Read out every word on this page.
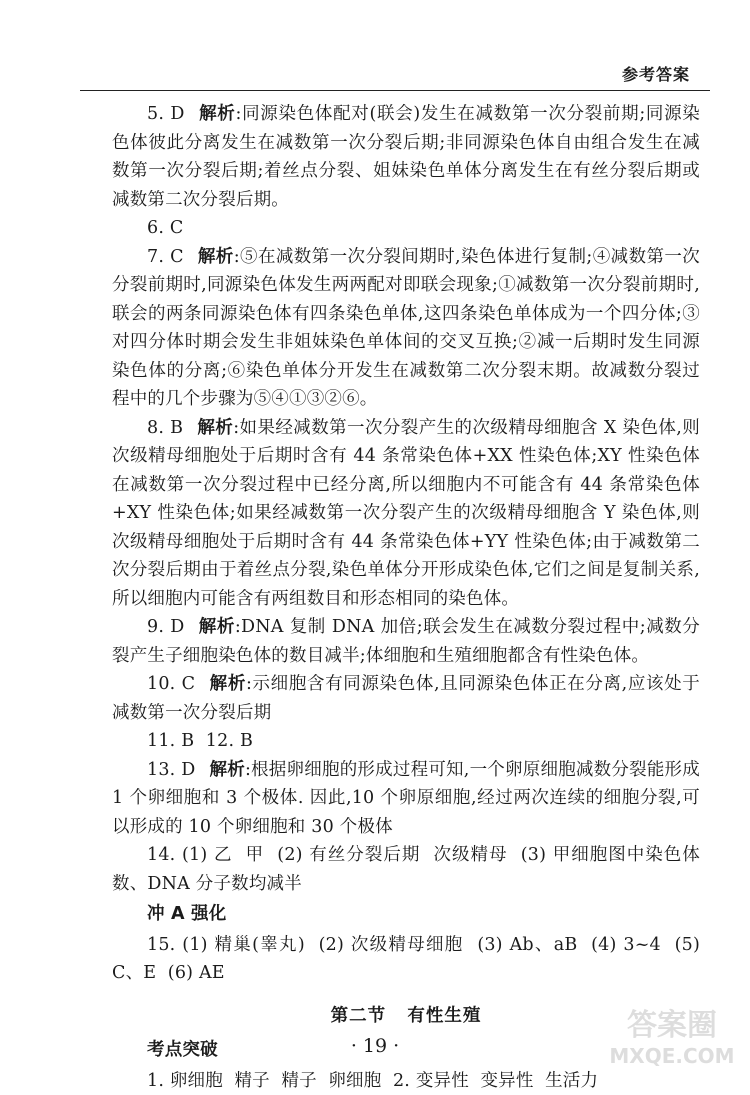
参考答案

5. D 解析:同源染色体配对(联会)发生在减数第一次分裂前期;同源染色体彼此分离发生在减数第一次分裂后期;非同源染色体自由组合发生在减数第一次分裂后期;着丝点分裂、姐妹染色单体分离发生在有丝分裂后期或减数第二次分裂后期。

6. C

7. C 解析:⑤在减数第一次分裂间期时,染色体进行复制;④减数第一次分裂前期时,同源染色体发生两两配对即联会现象;①减数第一次分裂前期时,联会的两条同源染色体有四条染色单体,这四条染色单体成为一个四分体;③对四分体时期会发生非姐妹染色单体间的交叉互换;②减一后期时发生同源染色体的分离;⑥染色单体分开发生在减数第二次分裂末期。故减数分裂过程中的几个步骤为⑤④①③②⑥。

8. B 解析:如果经减数第一次分裂产生的次级精母细胞含 X 染色体,则次级精母细胞处于后期时含有 44 条常染色体+XX 性染色体;XY 性染色体在减数第一次分裂过程中已经分离,所以细胞内不可能含有 44 条常染色体+XY 性染色体;如果经减数第一次分裂产生的次级精母细胞含 Y 染色体,则次级精母细胞处于后期时含有 44 条常染色体+YY 性染色体;由于减数第二次分裂后期由于着丝点分裂,染色单体分开形成染色体,它们之间是复制关系,所以细胞内可能含有两组数目和形态相同的染色体。

9. D 解析:DNA 复制 DNA 加倍;联会发生在减数分裂过程中;减数分裂产生子细胞染色体的数目减半;体细胞和生殖细胞都含有性染色体。

10. C 解析:示细胞含有同源染色体,且同源染色体正在分离,应该处于减数第一次分裂后期

11. B  12. B

13. D 解析:根据卵细胞的形成过程可知,一个卵原细胞减数分裂能形成 1 个卵细胞和 3 个极体. 因此,10 个卵原细胞,经过两次连续的细胞分裂,可以形成的 10 个卵细胞和 30 个极体

14. (1) 乙  甲  (2) 有丝分裂后期  次级精母  (3) 甲细胞图中染色体数、DNA 分子数均减半

冲 A 强化

15. (1) 精巢(睾丸)  (2) 次级精母细胞  (3) Ab、aB  (4) 3~4  (5) C、E  (6) AE

第二节   有性生殖

考点突破

1. 卵细胞  精子  精子  卵细胞  2. 变异性  变异性  生活力

· 19 ·
答案圈
MXQE.COM
